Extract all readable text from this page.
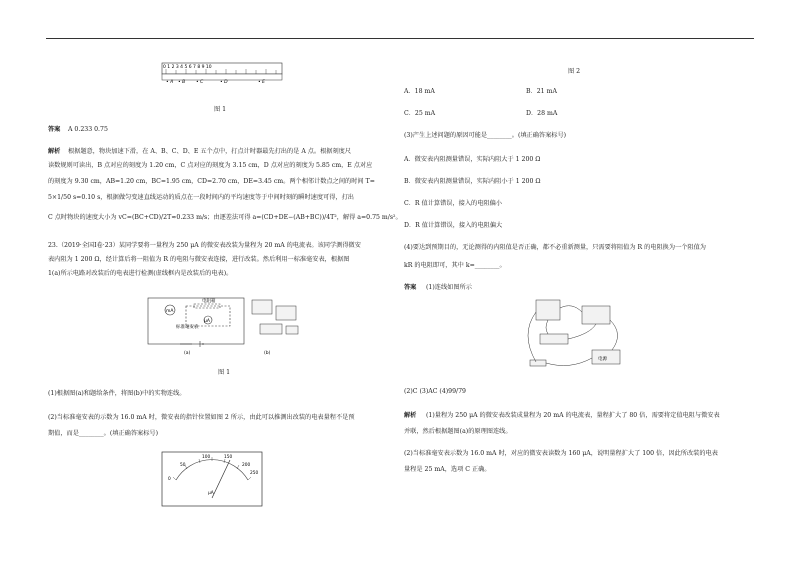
0 1 2 3 4 5 6 7 8 9 10
• A • B • C	• D	• E
图 1
答案 A 0.233 0.75
解析 根据题意，物块加速下滑，在 A、B、C、D、E 五个点中，打点计时器最先打出的是 A 点。根据刻度尺
读数规则可读出，B 点对应的刻度为 1.20 cm，C 点对应的刻度为 3.15 cm，D 点对应的刻度为 5.85 cm，E 点对应
的刻度为 9.30 cm，AB=1.20 cm，BC=1.95 cm，CD=2.70 cm，DE=3.45 cm。两个相邻计数点之间的时间 T=
5×1/50 s=0.10 s，根据做匀变速直线运动的质点在一段时间内的平均速度等于中间时刻的瞬时速度可得，打出
C 点时物块的速度大小为 vC=(BC+CD)/2T≈0.233 m/s；由逐差法可得 a=(CD+DE−(AB+BC))/4T²，解得 a=0.75 m/s²。
23.（2019·全国Ⅰ卷·23）某同学要将一量程为 250 μA 的微安表改装为量程为 20 mA 的电流表。该同学测得微安
表内阻为 1 200 Ω，经计算后将一阻值为 R 的电阻与微安表连接，进行改装。然后利用一标准毫安表，根据图
1(a)所示电路对改装后的电表进行检测(虚线框内是改装后的电表)。
mA
电阻箱
μA
标准毫安表
(a)	(b)
图 1
(1)根据图(a)和题给条件，将图(b)中的实物连线。
(2)当标准毫安表的示数为 16.0 mA 时，微安表的指针位置如图 2 所示，由此可以推测出改装的电表量程不是预
期值，而是________。(填正确答案标号)
50
100	150
200
250
0
μA
图 2
A．18 mA	B．21 mA
C．25 mA	D．28 mA
(3)产生上述问题的原因可能是________。(填正确答案标号)
A．微安表内阻测量错误，实际内阻大于 1 200 Ω
B．微安表内阻测量错误，实际内阻小于 1 200 Ω
C．R 值计算错误，接入的电阻偏小
D．R 值计算错误，接入的电阻偏大
(4)要达到预期目的，无论测得的内阻值是否正确，都不必重新测量，只需要将阻值为 R 的电阻换为一个阻值为
kR 的电阻即可，其中 k=________。
答案 (1)连线如图所示
电源
(2)C (3)AC (4)99/79
解析 (1)量程为 250 μA 的微安表改装成量程为 20 mA 的电流表，量程扩大了 80 倍，需要将定值电阻与微安表
并联，然后根据题图(a)的原理图连线。
(2)当标准毫安表示数为 16.0 mA 时，对应的微安表读数为 160 μA，说明量程扩大了 100 倍，因此所改装的电表
量程是 25 mA，选项 C 正确。
